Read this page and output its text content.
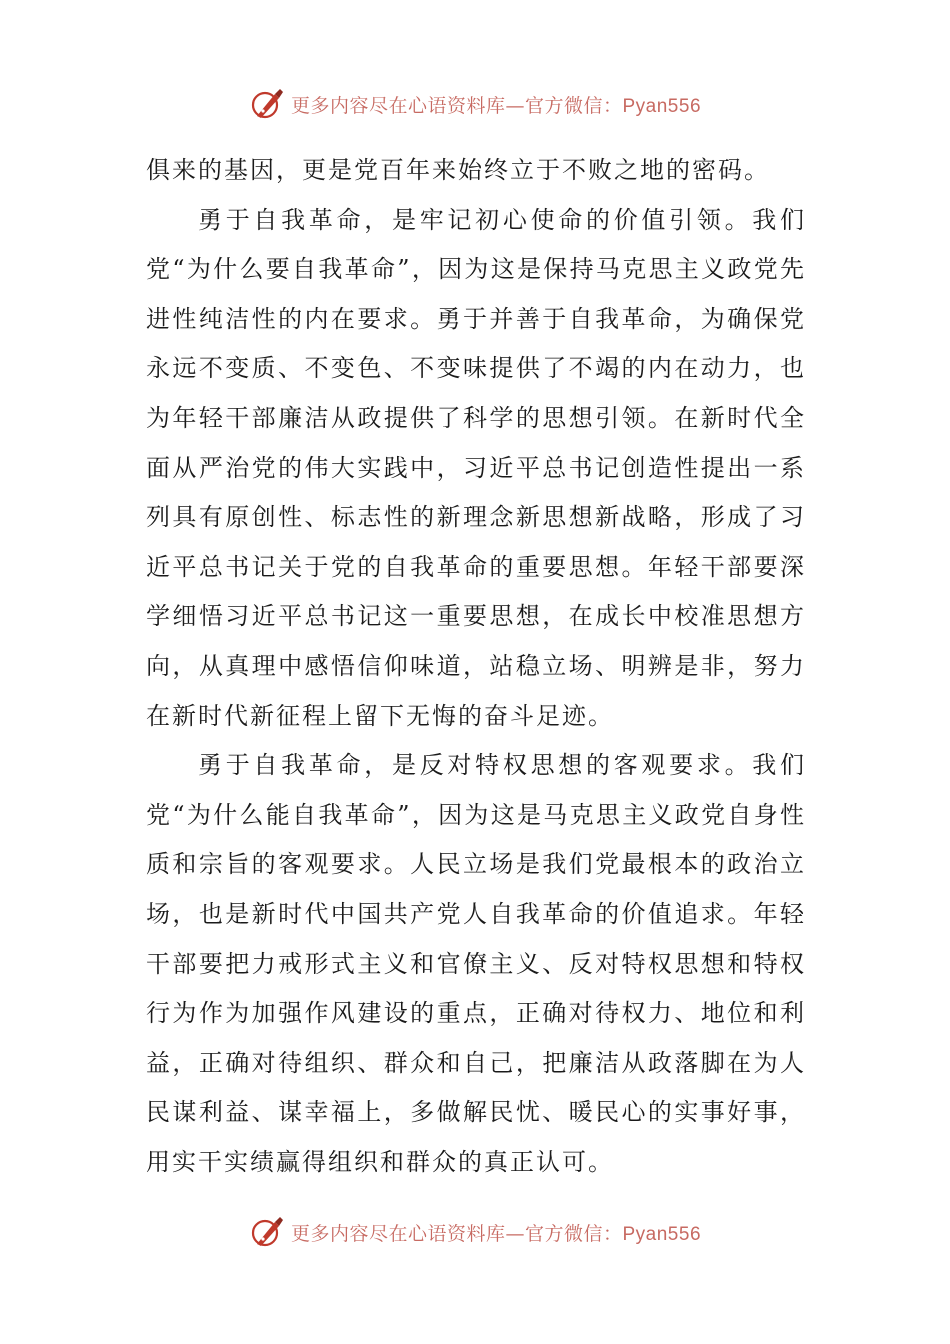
更多内容尽在心语资料库—官方微信：Pyan556

俱来的基因，更是党百年来始终立于不败之地的密码。

勇于自我革命，是牢记初心使命的价值引领。我们党“为什么要自我革命”，因为这是保持马克思主义政党先进性纯洁性的内在要求。勇于并善于自我革命，为确保党永远不变质、不变色、不变味提供了不竭的内在动力，也为年轻干部廉洁从政提供了科学的思想引领。在新时代全面从严治党的伟大实践中，习近平总书记创造性提出一系列具有原创性、标志性的新理念新思想新战略，形成了习近平总书记关于党的自我革命的重要思想。年轻干部要深学细悟习近平总书记这一重要思想，在成长中校准思想方向，从真理中感悟信仰味道，站稳立场、明辨是非，努力在新时代新征程上留下无悔的奋斗足迹。

勇于自我革命，是反对特权思想的客观要求。我们党“为什么能自我革命”，因为这是马克思主义政党自身性质和宗旨的客观要求。人民立场是我们党最根本的政治立场，也是新时代中国共产党人自我革命的价值追求。年轻干部要把力戒形式主义和官僚主义、反对特权思想和特权行为作为加强作风建设的重点，正确对待权力、地位和利益，正确对待组织、群众和自己，把廉洁从政落脚在为人民谋利益、谋幸福上，多做解民忧、暖民心的实事好事，用实干实绩赢得组织和群众的真正认可。

更多内容尽在心语资料库—官方微信：Pyan556
